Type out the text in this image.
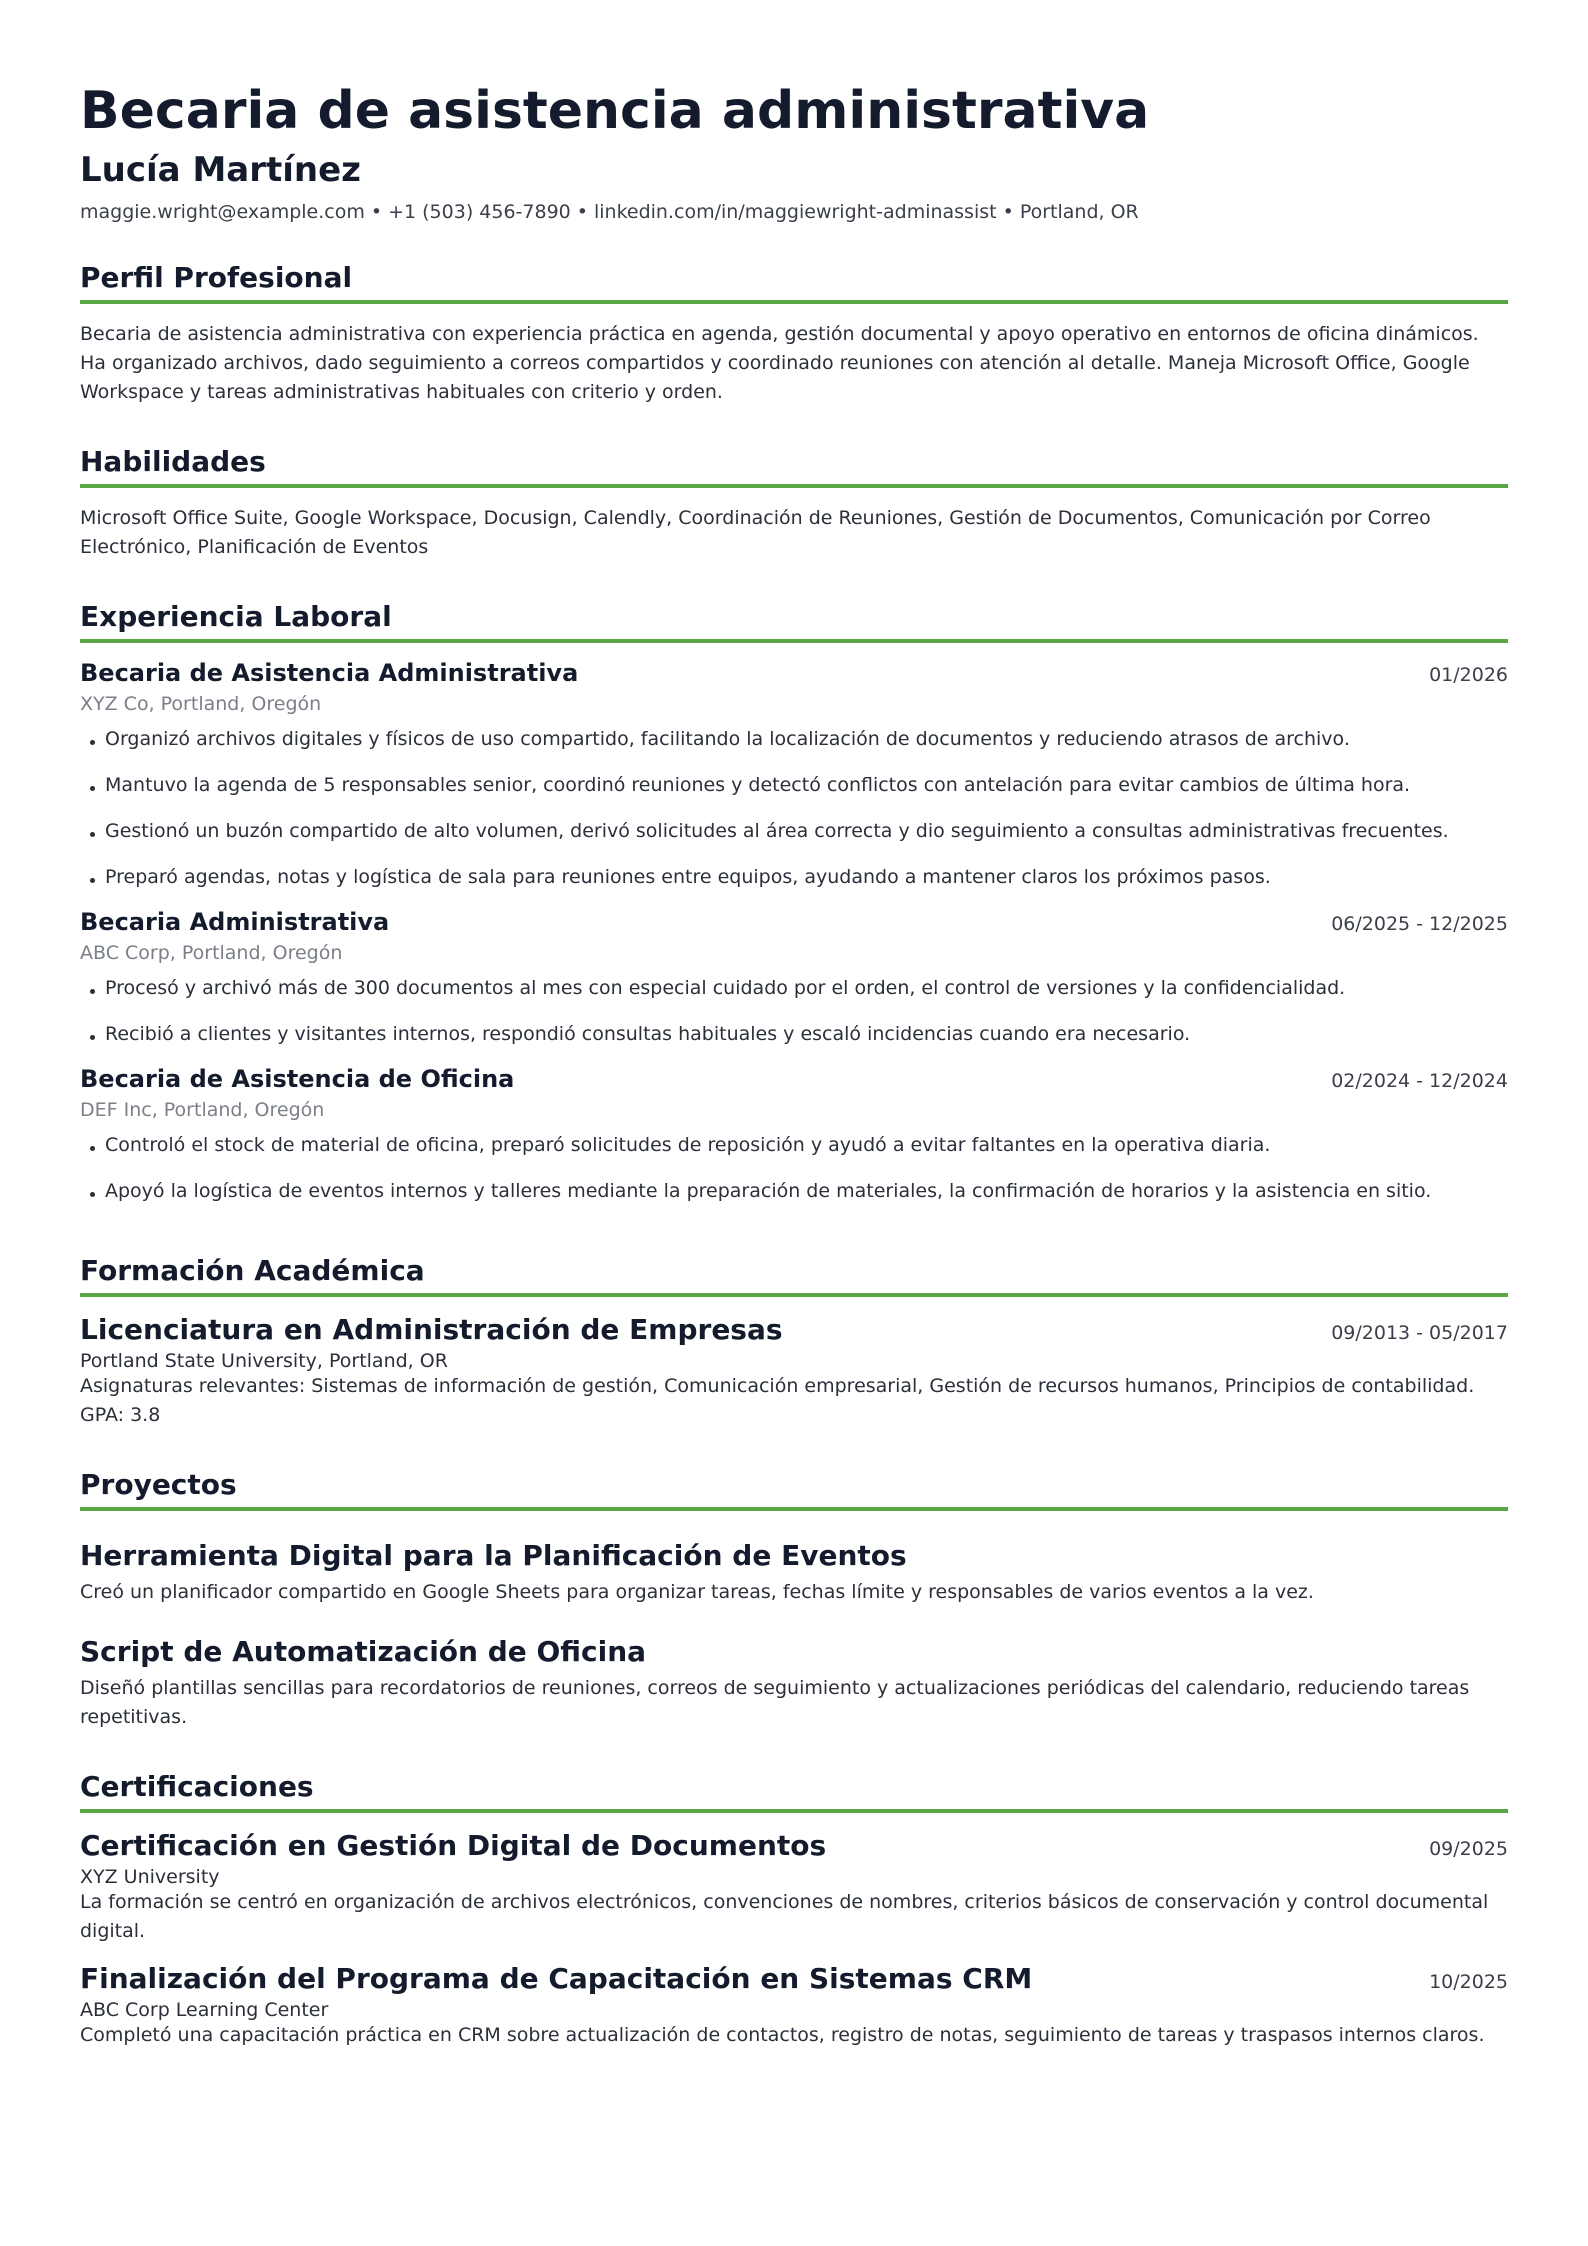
Becaria de asistencia administrativa
Lucía Martínez
maggie.wright@example.com • +1 (503) 456-7890 • linkedin.com/in/maggiewright-adminassist • Portland, OR
Perfil Profesional
Becaria de asistencia administrativa con experiencia práctica en agenda, gestión documental y apoyo operativo en entornos de oficina dinámicos. Ha organizado archivos, dado seguimiento a correos compartidos y coordinado reuniones con atención al detalle. Maneja Microsoft Office, Google Workspace y tareas administrativas habituales con criterio y orden.
Habilidades
Microsoft Office Suite, Google Workspace, Docusign, Calendly, Coordinación de Reuniones, Gestión de Documentos, Comunicación por Correo Electrónico, Planificación de Eventos
Experiencia Laboral
Becaria de Asistencia Administrativa	01/2026
XYZ Co, Portland, Oregón
Organizó archivos digitales y físicos de uso compartido, facilitando la localización de documentos y reduciendo atrasos de archivo.
Mantuvo la agenda de 5 responsables senior, coordinó reuniones y detectó conflictos con antelación para evitar cambios de última hora.
Gestionó un buzón compartido de alto volumen, derivó solicitudes al área correcta y dio seguimiento a consultas administrativas frecuentes.
Preparó agendas, notas y logística de sala para reuniones entre equipos, ayudando a mantener claros los próximos pasos.
Becaria Administrativa	06/2025 - 12/2025
ABC Corp, Portland, Oregón
Procesó y archivó más de 300 documentos al mes con especial cuidado por el orden, el control de versiones y la confidencialidad.
Recibió a clientes y visitantes internos, respondió consultas habituales y escaló incidencias cuando era necesario.
Becaria de Asistencia de Oficina	02/2024 - 12/2024
DEF Inc, Portland, Oregón
Controló el stock de material de oficina, preparó solicitudes de reposición y ayudó a evitar faltantes en la operativa diaria.
Apoyó la logística de eventos internos y talleres mediante la preparación de materiales, la confirmación de horarios y la asistencia en sitio.
Formación Académica
Licenciatura en Administración de Empresas	09/2013 - 05/2017
Portland State University, Portland, OR
Asignaturas relevantes: Sistemas de información de gestión, Comunicación empresarial, Gestión de recursos humanos, Principios de contabilidad. GPA: 3.8
Proyectos
Herramienta Digital para la Planificación de Eventos
Creó un planificador compartido en Google Sheets para organizar tareas, fechas límite y responsables de varios eventos a la vez.
Script de Automatización de Oficina
Diseñó plantillas sencillas para recordatorios de reuniones, correos de seguimiento y actualizaciones periódicas del calendario, reduciendo tareas repetitivas.
Certificaciones
Certificación en Gestión Digital de Documentos	09/2025
XYZ University
La formación se centró en organización de archivos electrónicos, convenciones de nombres, criterios básicos de conservación y control documental digital.
Finalización del Programa de Capacitación en Sistemas CRM	10/2025
ABC Corp Learning Center
Completó una capacitación práctica en CRM sobre actualización de contactos, registro de notas, seguimiento de tareas y traspasos internos claros.
